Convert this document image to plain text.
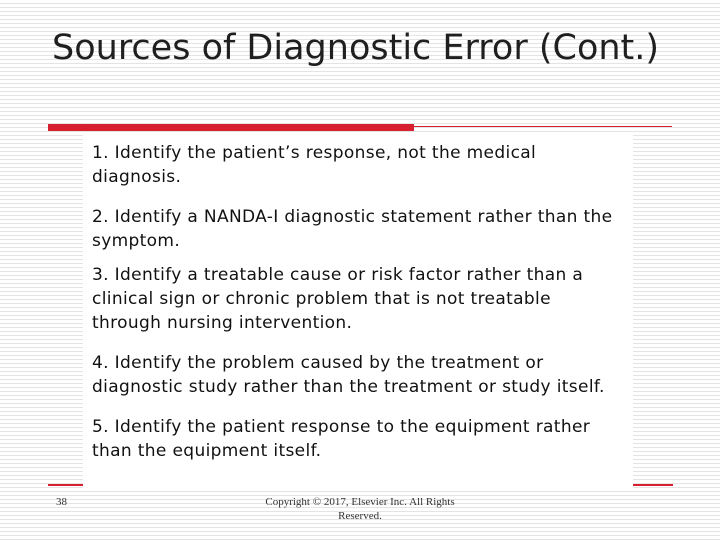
Sources of Diagnostic Error (Cont.)
1. Identify the patient’s response, not the medical diagnosis.
2. Identify a NANDA-I diagnostic statement rather than the symptom.
3. Identify a treatable cause or risk factor rather than a clinical sign or chronic problem that is not treatable through nursing intervention.
4. Identify the problem caused by the treatment or diagnostic study rather than the treatment or study itself.
5. Identify the patient response to the equipment rather than the equipment itself.
38	Copyright © 2017, Elsevier Inc. All Rights Reserved.
